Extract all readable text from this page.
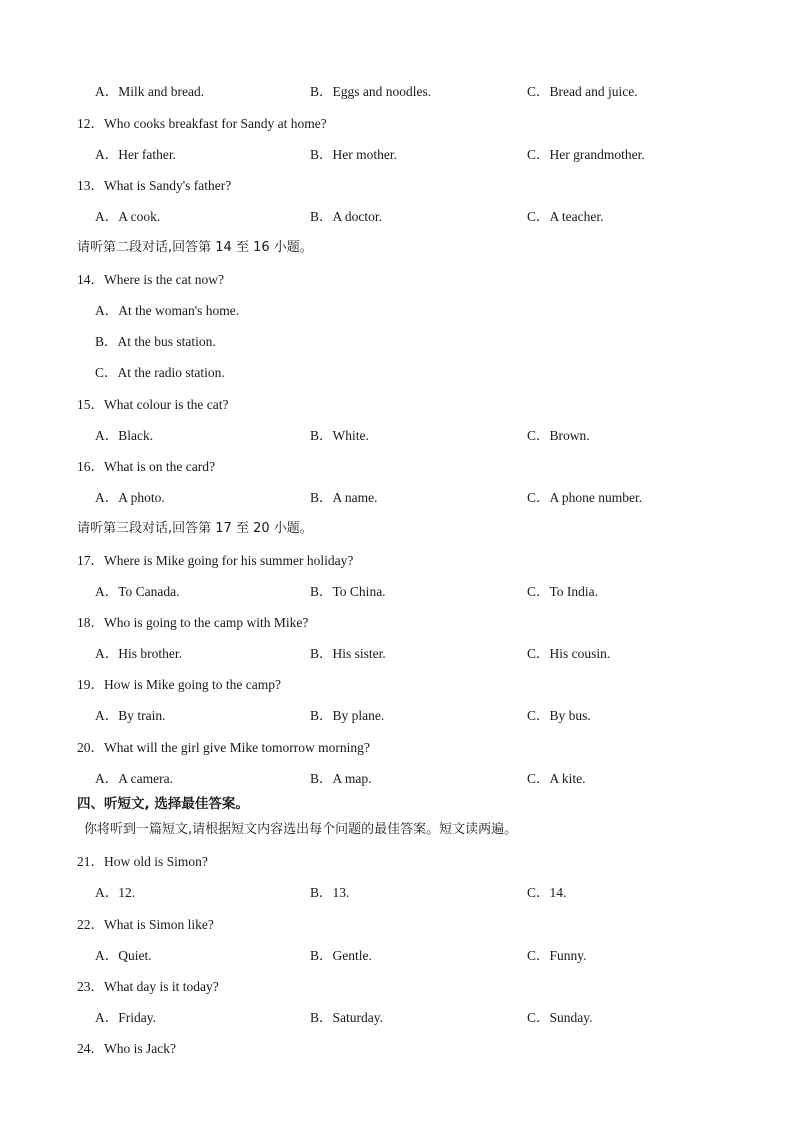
A．Milk and bread.	B．Eggs and noodles.	C．Bread and juice.
12．Who cooks breakfast for Sandy at home?
A．Her father.	B．Her mother.	C．Her grandmother.
13．What is Sandy's father?
A．A cook.	B．A doctor.	C．A teacher.
请听第二段对话,回答第 14 至 16 小题。
14．Where is the cat now?
A．At the woman's home.
B．At the bus station.
C．At the radio station.
15．What colour is the cat?
A．Black.	B．White.	C．Brown.
16．What is on the card?
A．A photo.	B．A name.	C．A phone number.
请听第三段对话,回答第 17 至 20 小题。
17．Where is Mike going for his summer holiday?
A．To Canada.	B．To China.	C．To India.
18．Who is going to the camp with Mike?
A．His brother.	B．His sister.	C．His cousin.
19．How is Mike going to the camp?
A．By train.	B．By plane.	C．By bus.
20．What will the girl give Mike tomorrow morning?
A．A camera.	B．A map.	C．A kite.
四、听短文, 选择最佳答案。
你将听到一篇短文,请根据短文内容选出每个问题的最佳答案。短文读两遍。
21．How old is Simon?
A．12.	B．13.	C．14.
22．What is Simon like?
A．Quiet.	B．Gentle.	C．Funny.
23．What day is it today?
A．Friday.	B．Saturday.	C．Sunday.
24．Who is Jack?
